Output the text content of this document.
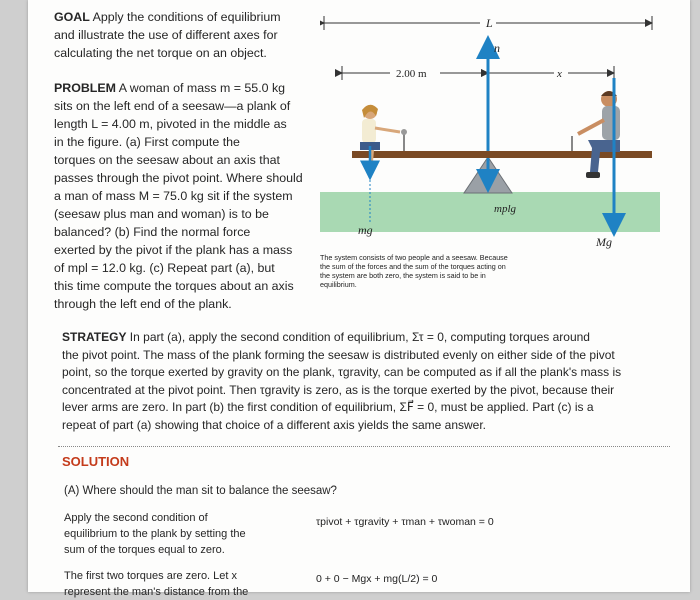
GOAL Apply the conditions of equilibrium
and illustrate the use of different axes for
calculating the net torque on an object.
PROBLEM A woman of mass m = 55.0 kg
sits on the left end of a seesaw—a plank of
length L = 4.00 m, pivoted in the middle as
in the figure. (a) First compute the
torques on the seesaw about an axis that
passes through the pivot point. Where should
a man of mass M = 75.0 kg sit if the system
(seesaw plus man and woman) is to be
balanced? (b) Find the normal force
exerted by the pivot if the plank has a mass
of mpl = 12.0 kg. (c) Repeat part (a), but
this time compute the torques about an axis
through the left end of the plank.
L
2.00 m	x
n⃗
mg⃗
mplg⃗
Mg⃗
The system consists of two people and a seesaw. Because
the sum of the forces and the sum of the torques acting on
the system are both zero, the system is said to be in
equilibrium.
STRATEGY In part (a), apply the second condition of equilibrium, Στ = 0, computing torques around
the pivot point. The mass of the plank forming the seesaw is distributed evenly on either side of the pivot
point, so the torque exerted by gravity on the plank, τgravity, can be computed as if all the plank's mass is
concentrated at the pivot point. Then τgravity is zero, as is the torque exerted by the pivot, because their
lever arms are zero. In part (b) the first condition of equilibrium, ΣF⃗ = 0, must be applied. Part (c) is a
repeat of part (a) showing that choice of a different axis yields the same answer.
SOLUTION
(A) Where should the man sit to balance the seesaw?
Apply the second condition of
equilibrium to the plank by setting the
sum of the torques equal to zero.
τpivot + τgravity + τman + τwoman = 0
The first two torques are zero. Let x
represent the man's distance from the
0 + 0 − Mgx + mg(L/2) = 0
